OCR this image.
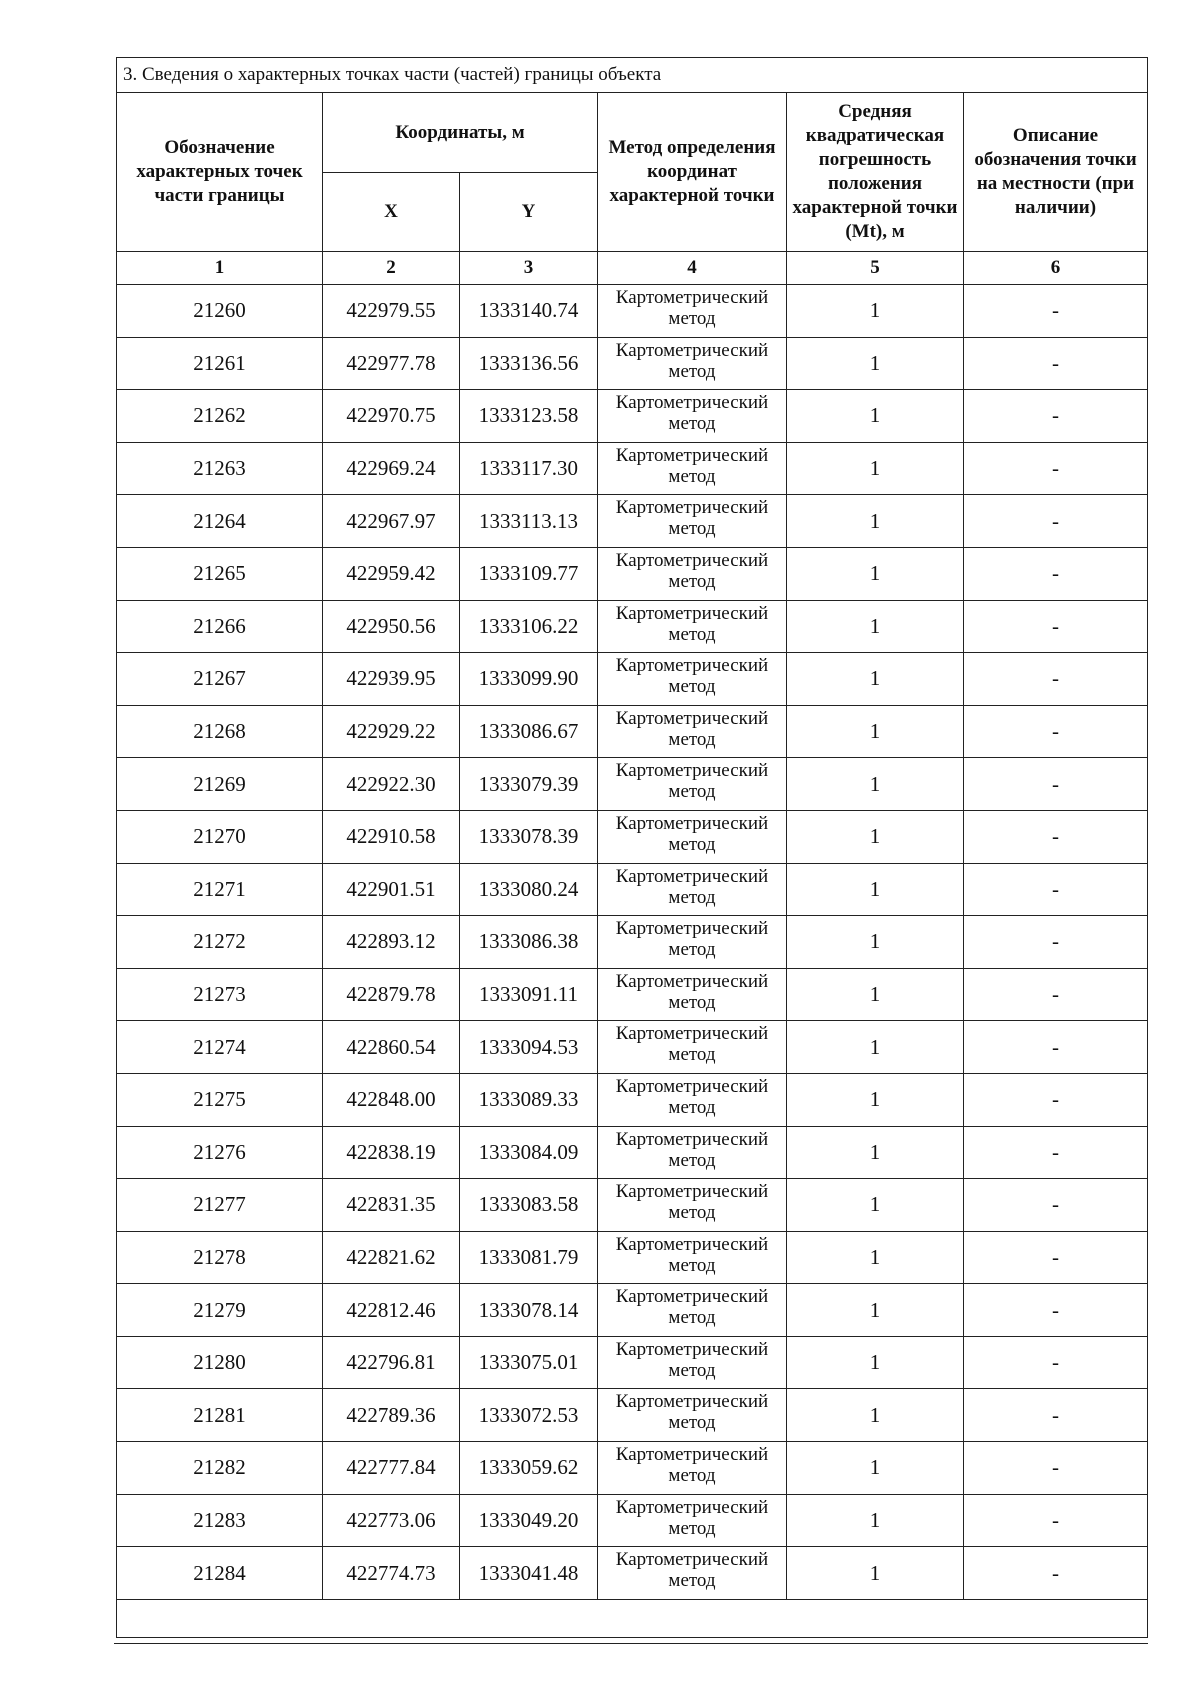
3. Сведения о характерных точках части (частей) границы объекта					
Обозначение характерных точек части границы	Координаты, м		Метод определения координат характерной точки	Средняя квадратическая погрешность положения характерной точки (Mt), м	Описание обозначения точки на местности (при наличии)
	X	Y			
1	2	3	4	5	6
21260	422979.55	1333140.74	Картометрический метод	1	-
21261	422977.78	1333136.56	Картометрический метод	1	-
21262	422970.75	1333123.58	Картометрический метод	1	-
21263	422969.24	1333117.30	Картометрический метод	1	-
21264	422967.97	1333113.13	Картометрический метод	1	-
21265	422959.42	1333109.77	Картометрический метод	1	-
21266	422950.56	1333106.22	Картометрический метод	1	-
21267	422939.95	1333099.90	Картометрический метод	1	-
21268	422929.22	1333086.67	Картометрический метод	1	-
21269	422922.30	1333079.39	Картометрический метод	1	-
21270	422910.58	1333078.39	Картометрический метод	1	-
21271	422901.51	1333080.24	Картометрический метод	1	-
21272	422893.12	1333086.38	Картометрический метод	1	-
21273	422879.78	1333091.11	Картометрический метод	1	-
21274	422860.54	1333094.53	Картометрический метод	1	-
21275	422848.00	1333089.33	Картометрический метод	1	-
21276	422838.19	1333084.09	Картометрический метод	1	-
21277	422831.35	1333083.58	Картометрический метод	1	-
21278	422821.62	1333081.79	Картометрический метод	1	-
21279	422812.46	1333078.14	Картометрический метод	1	-
21280	422796.81	1333075.01	Картометрический метод	1	-
21281	422789.36	1333072.53	Картометрический метод	1	-
21282	422777.84	1333059.62	Картометрический метод	1	-
21283	422773.06	1333049.20	Картометрический метод	1	-
21284	422774.73	1333041.48	Картометрический метод	1	-
